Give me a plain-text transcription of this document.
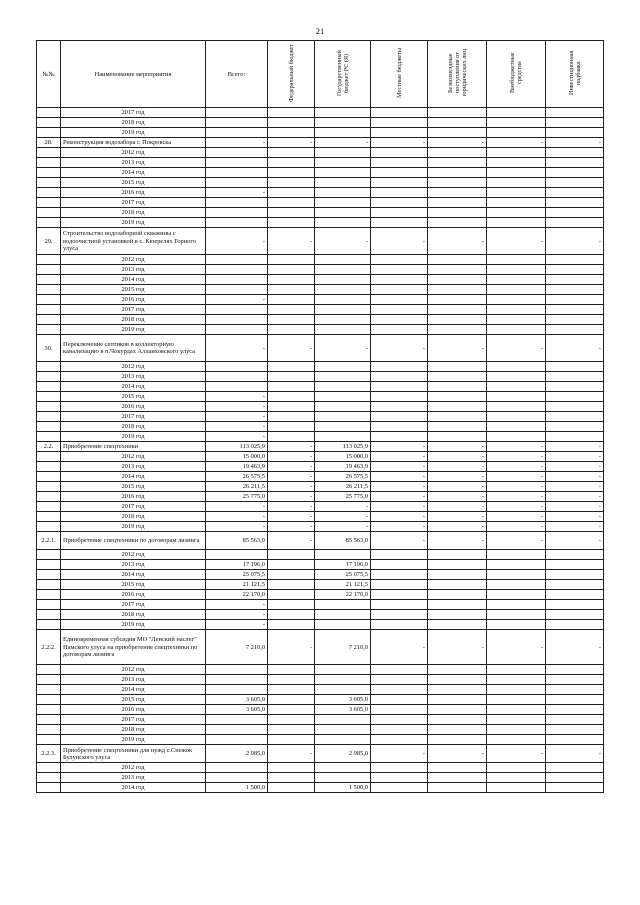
21
№№	Наименование мероприятия	Всего:	Федеральный бюджет	Государственный бюджет РС (Я)	Местные бюджеты	Безвозмездные поступления от юридических лиц	Внебюджетные средства	Инвестиционная надбавка
	2017 год							
	2018 год							
	2019 год							
28.	Реконструкция водозабора г. Покровска	-	-	-	-	-	-	-
	2012 год							
	2013 год							
	2014 год							
	2015 год							
	2016 год	-						
	2017 год							
	2018 год							
	2019 год							
29.	Строительство водозаборной скважины с водоочистной установкой в с. Кюерелях Горного улуса	-	-	-	-	-	-	-
	2012 год							
	2013 год							
	2014 год							
	2015 год							
	2016 год	-						
	2017 год							
	2018 год							
	2019 год							
30.	Переключение септиков в коллекторную канализацию в п.Чокурдах Аллаиховского улуса	-	-	-	-	-	-	-
	2012 год							
	2013 год							
	2014 год							
	2015 год	-						
	2016 год	-						
	2017 год	-						
	2018 год	-						
	2019 год	-						
2.2.	Приобретение спецтехники	113 025,9	-	113 025,9	-	-	-	-
	2012 год	15 000,0	-	15 000,0	-	-	-	-
	2013 год	19 463,9	-	19 463,9	-	-	-	-
	2014 год	26 575,5	-	26 575,5	-	-	-	-
	2015 год	26 211,5	-	26 211,5	-	-	-	-
	2016 год	25 775,0	-	25 775,0	-	-	-	-
	2017 год	-	-	-	-	-	-	-
	2018 год	-	-	-	-	-	-	-
	2019 год	-	-	-	-	-	-	-
2.2.1.	Приобретение спецтехники по договорам лизинга	85 563,0	-	85 563,0	-	-	-	-
	2012 год							
	2013 год	17 196,0		17 196,0				
	2014 год	25 075,5		25 075,5				
	2015 год	21 121,5		21 121,5				
	2016 год	22 170,0		22 170,0				
	2017 год	-						
	2018 год	-						
	2019 год	-						
2.2.2.	Единовременная субсидия МО "Ленский наслег" Намского улуса на приобретение спецтехники по договорам лизинга	7 210,0	-	7 210,0	-	-	-	-
	2012 год							
	2013 год							
	2014 год							
	2015 год	3 605,0		3 605,0				
	2016 год	3 605,0		3 605,0				
	2017 год							
	2018 год							
	2019 год							
2.2.3.	Приобретение спецтехники для нужд с.Снежок Булунского улуса	2 985,0	-	2 985,0	-	-	-	-
	2012 год							
	2013 год							
	2014 год	1 500,0		1 500,0				
